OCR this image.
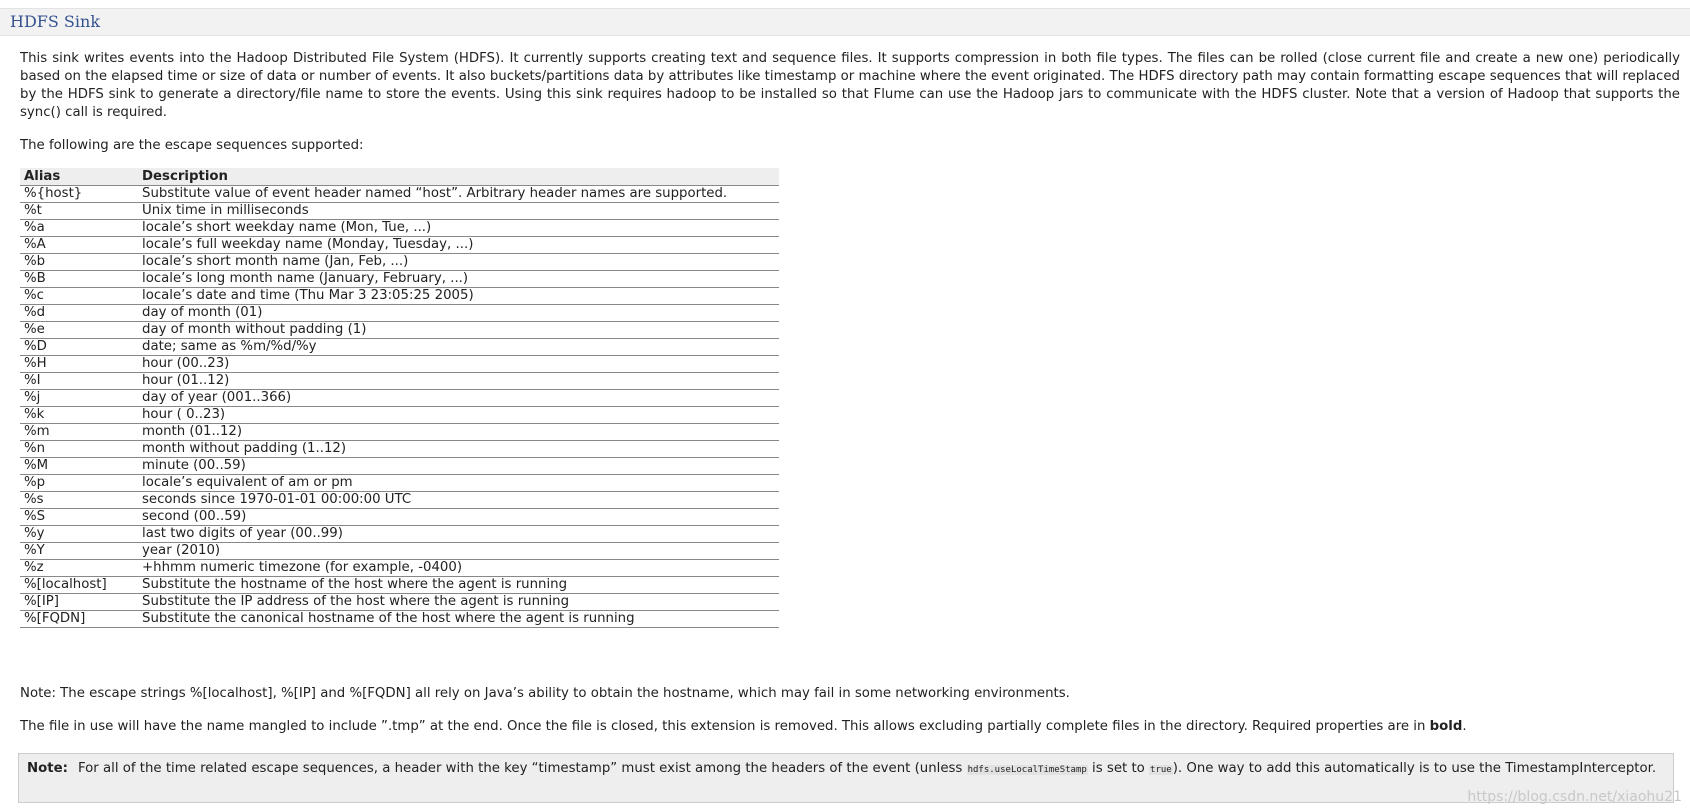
HDFS Sink

This sink writes events into the Hadoop Distributed File System (HDFS). It currently supports creating text and sequence files. It supports compression in both file types. The files can be rolled (close current file and create a new one) periodically based on the elapsed time or size of data or number of events. It also buckets/partitions data by attributes like timestamp or machine where the event originated. The HDFS directory path may contain formatting escape sequences that will replaced by the HDFS sink to generate a directory/file name to store the events. Using this sink requires hadoop to be installed so that Flume can use the Hadoop jars to communicate with the HDFS cluster. Note that a version of Hadoop that supports the sync() call is required.

The following are the escape sequences supported:

Alias	Description
%{host}	Substitute value of event header named “host”. Arbitrary header names are supported.
%t	Unix time in milliseconds
%a	locale’s short weekday name (Mon, Tue, ...)
%A	locale’s full weekday name (Monday, Tuesday, ...)
%b	locale’s short month name (Jan, Feb, ...)
%B	locale’s long month name (January, February, ...)
%c	locale’s date and time (Thu Mar 3 23:05:25 2005)
%d	day of month (01)
%e	day of month without padding (1)
%D	date; same as %m/%d/%y
%H	hour (00..23)
%I	hour (01..12)
%j	day of year (001..366)
%k	hour ( 0..23)
%m	month (01..12)
%n	month without padding (1..12)
%M	minute (00..59)
%p	locale’s equivalent of am or pm
%s	seconds since 1970-01-01 00:00:00 UTC
%S	second (00..59)
%y	last two digits of year (00..99)
%Y	year (2010)
%z	+hhmm numeric timezone (for example, -0400)
%[localhost]	Substitute the hostname of the host where the agent is running
%[IP]	Substitute the IP address of the host where the agent is running
%[FQDN]	Substitute the canonical hostname of the host where the agent is running

Note: The escape strings %[localhost], %[IP] and %[FQDN] all rely on Java’s ability to obtain the hostname, which may fail in some networking environments.

The file in use will have the name mangled to include ”.tmp” at the end. Once the file is closed, this extension is removed. This allows excluding partially complete files in the directory. Required properties are in bold.

Note: For all of the time related escape sequences, a header with the key “timestamp” must exist among the headers of the event (unless hdfs.useLocalTimeStamp is set to true). One way to add this automatically is to use the TimestampInterceptor.
https://blog.csdn.net/xiaohu21
